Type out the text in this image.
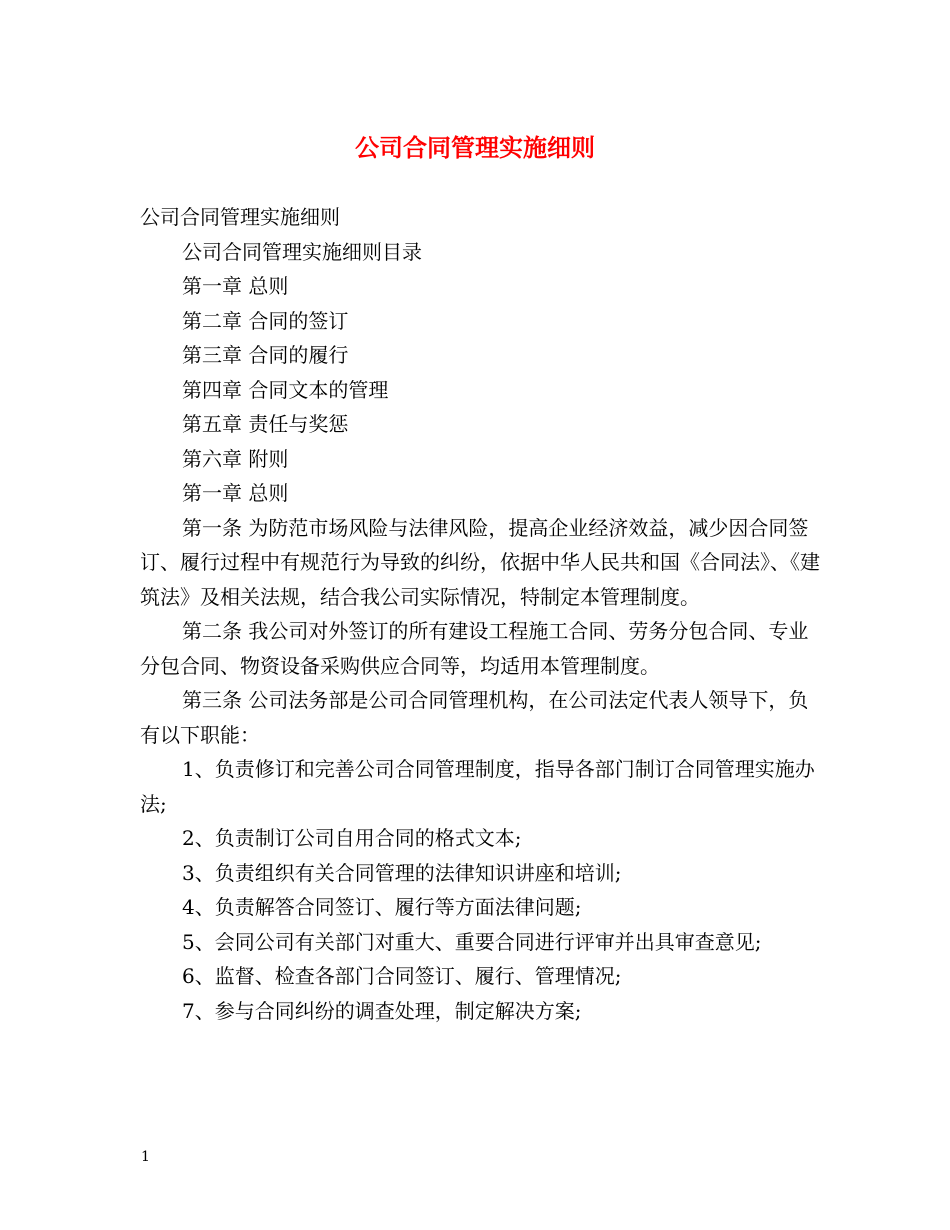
公司合同管理实施细则

公司合同管理实施细则

公司合同管理实施细则目录

第一章 总则

第二章 合同的签订

第三章 合同的履行

第四章 合同文本的管理

第五章 责任与奖惩

第六章 附则

第一章 总则

第一条 为防范市场风险与法律风险，提高企业经济效益，减少因合同签订、履行过程中有规范行为导致的纠纷，依据中华人民共和国《合同法》、《建筑法》及相关法规，结合我公司实际情况，特制定本管理制度。

第二条 我公司对外签订的所有建设工程施工合同、劳务分包合同、专业分包合同、物资设备采购供应合同等，均适用本管理制度。

第三条 公司法务部是公司合同管理机构，在公司法定代表人领导下，负有以下职能：

1、负责修订和完善公司合同管理制度，指导各部门制订合同管理实施办法;

2、负责制订公司自用合同的格式文本;

3、负责组织有关合同管理的法律知识讲座和培训;

4、负责解答合同签订、履行等方面法律问题;

5、会同公司有关部门对重大、重要合同进行评审并出具审查意见;

6、监督、检查各部门合同签订、履行、管理情况;

7、参与合同纠纷的调查处理，制定解决方案;

1
